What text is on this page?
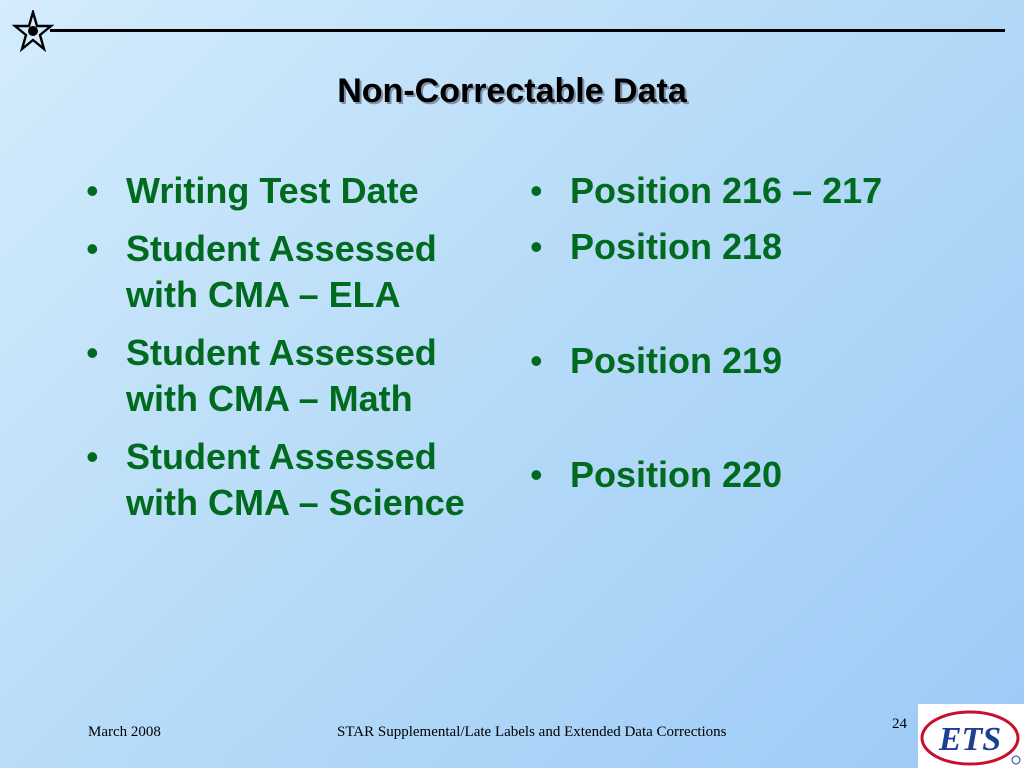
Non-Correctable Data
• Writing Test Date
• Student Assessed with CMA – ELA
• Student Assessed with CMA – Math
• Student Assessed with CMA – Science
• Position 216 – 217
• Position 218
• Position 219
• Position 220
March 2008	STAR Supplemental/Late Labels and Extended Data Corrections	24 ETS
